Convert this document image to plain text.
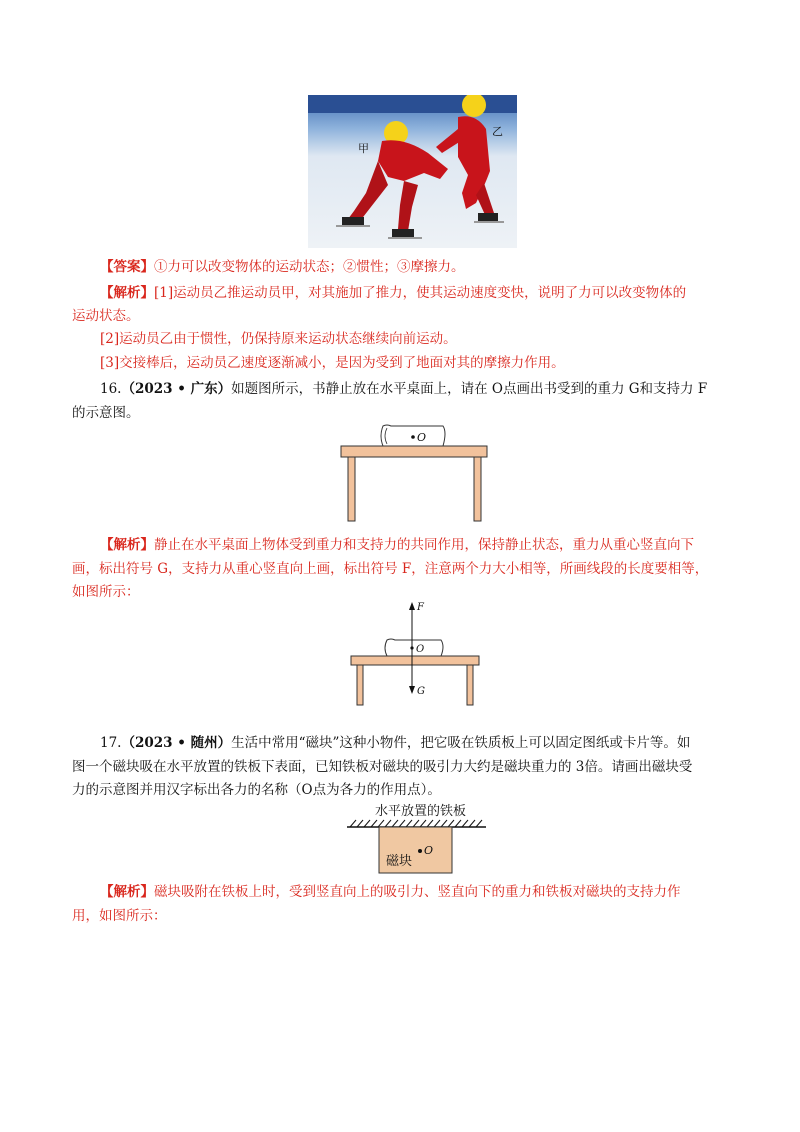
甲
乙
【答案】①力可以改变物体的运动状态；②惯性；③摩擦力。
【解析】[1]运动员乙推运动员甲，对其施加了推力，使其运动速度变快，说明了力可以改变物体的
运动状态。
[2]运动员乙由于惯性，仍保持原来运动状态继续向前运动。
[3]交接棒后，运动员乙速度逐渐减小，是因为受到了地面对其的摩擦力作用。
16.（2023 • 广东）如题图所示，书静止放在水平桌面上，请在 O点画出书受到的重力 G和支持力 F
的示意图。
O
【解析】静止在水平桌面上物体受到重力和支持力的共同作用，保持静止状态，重力从重心竖直向下
画，标出符号 G，支持力从重心竖直向上画，标出符号 F，注意两个力大小相等，所画线段的长度要相等，
如图所示：
F
O
G
17.（2023 • 随州）生活中常用“磁块”这种小物件，把它吸在铁质板上可以固定图纸或卡片等。如
图一个磁块吸在水平放置的铁板下表面，已知铁板对磁块的吸引力大约是磁块重力的 3倍。请画出磁块受
力的示意图并用汉字标出各力的名称（O点为各力的作用点）。
水平放置的铁板
磁块
O
【解析】磁块吸附在铁板上时，受到竖直向上的吸引力、竖直向下的重力和铁板对磁块的支持力作
用，如图所示：
